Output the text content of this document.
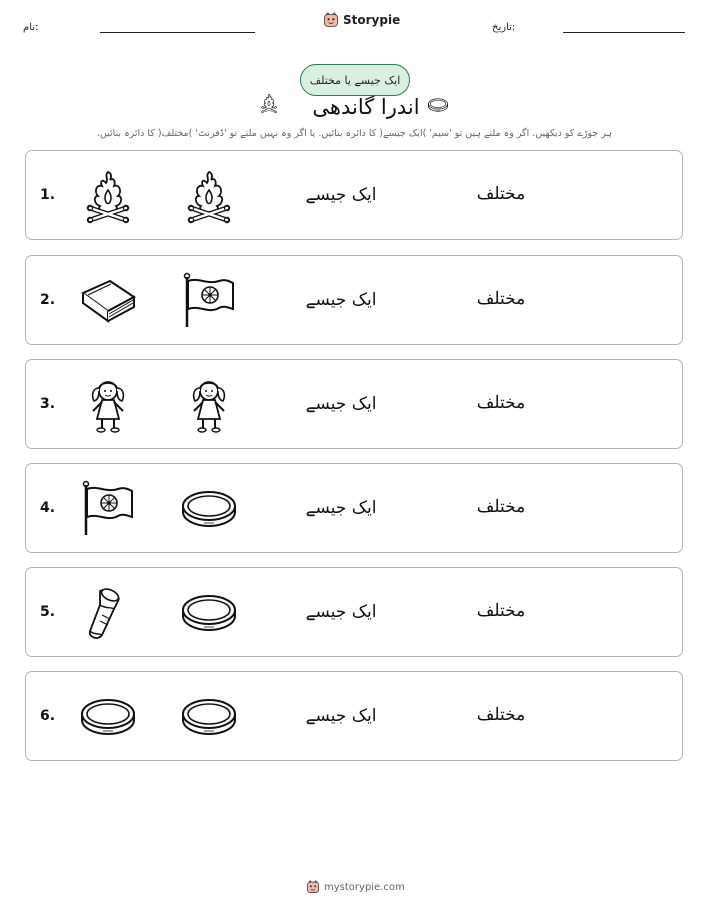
نام:
Storypie
تاریخ:
ایک جیسے یا مختلف
اندرا گاندھی
ہر جوڑے کو دیکھیں. اگر وہ ملتے ہیں تو 'سیم' )ایک جیسے( کا دائرہ بنائیں. یا اگر وہ نہیں ملتے تو 'ڈفرنٹ' )مختلف( کا دائرہ بنائیں.
1.	ایک جیسے	مختلف
2.	ایک جیسے	مختلف
3.	ایک جیسے	مختلف
4.	ایک جیسے	مختلف
5.	ایک جیسے	مختلف
6.	ایک جیسے	مختلف
mystorypie.com
